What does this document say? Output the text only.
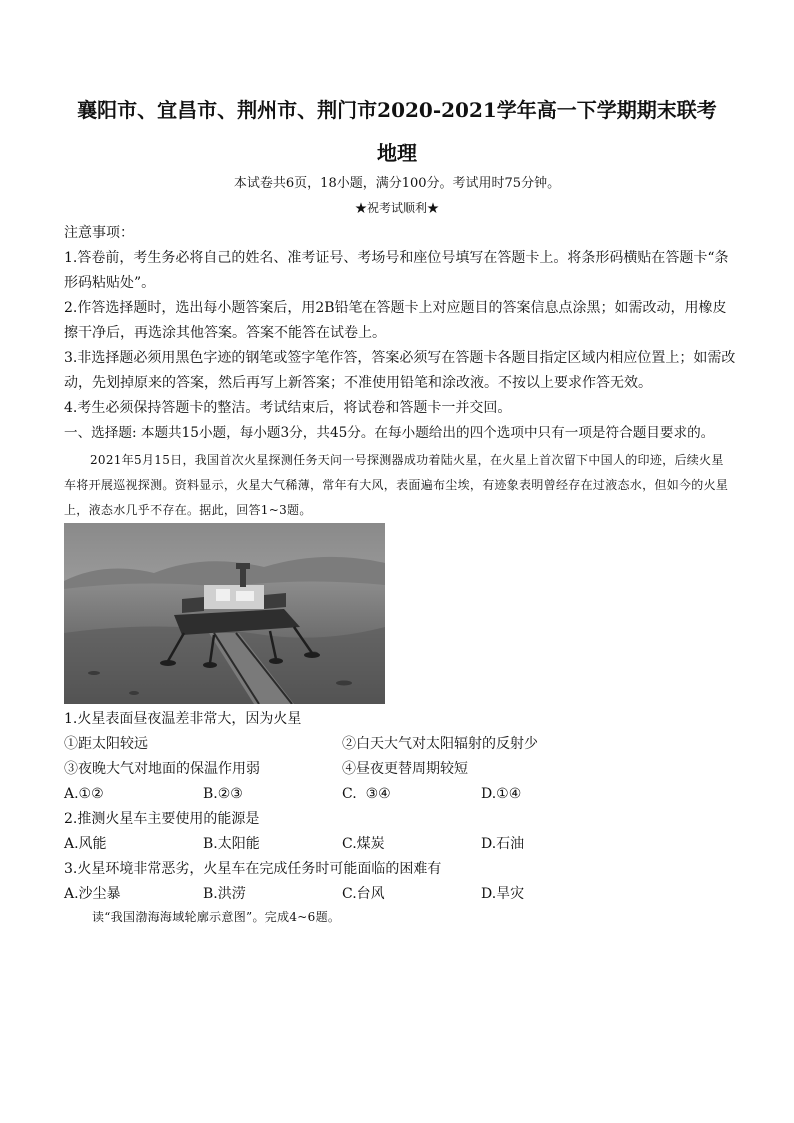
襄阳市、宜昌市、荆州市、荆门市2020-2021学年高一下学期期末联考
地理
本试卷共6页，18小题，满分100分。考试用时75分钟。
★祝考试顺利★

注意事项：

1.答卷前，考生务必将自己的姓名、准考证号、考场号和座位号填写在答题卡上。将条形码横贴在答题卡“条形码粘贴处”。

2.作答选择题时，选出每小题答案后，用2B铅笔在答题卡上对应题目的答案信息点涂黑；如需改动，用橡皮擦干净后，再选涂其他答案。答案不能答在试卷上。

3.非选择题必须用黑色字迹的钢笔或签字笔作答，答案必须写在答题卡各题目指定区域内相应位置上；如需改动，先划掉原来的答案，然后再写上新答案；不准使用铅笔和涂改液。不按以上要求作答无效。

4.考生必须保持答题卡的整洁。考试结束后，将试卷和答题卡一并交回。

一、选择题: 本题共15小题，每小题3分，共45分。在每小题给出的四个选项中只有一项是符合题目要求的。
2021年5月15日，我国首次火星探测任务天问一号探测器成功着陆火星，在火星上首次留下中国人的印迹，后续火星车将开展巡视探测。资料显示，火星大气稀薄，常年有大风，表面遍布尘埃，有迹象表明曾经存在过液态水，但如今的火星上，液态水几乎不存在。据此，回答1~3题。

1.火星表面昼夜温差非常大，因为火星

①距太阳较远	②白天大气对太阳辐射的反射少
③夜晚大气对地面的保温作用弱	④昼夜更替周期较短
A.①②	B.②③	C.  ③④	D.①④

2.推测火星车主要使用的能源是

A.风能	B.太阳能	C.煤炭	D.石油

3.火星环境非常恶劣，火星车在完成任务时可能面临的困难有

A.沙尘暴	B.洪涝	C.台风	D.旱灾
读“我国渤海海域轮廓示意图”。完成4~6题。
